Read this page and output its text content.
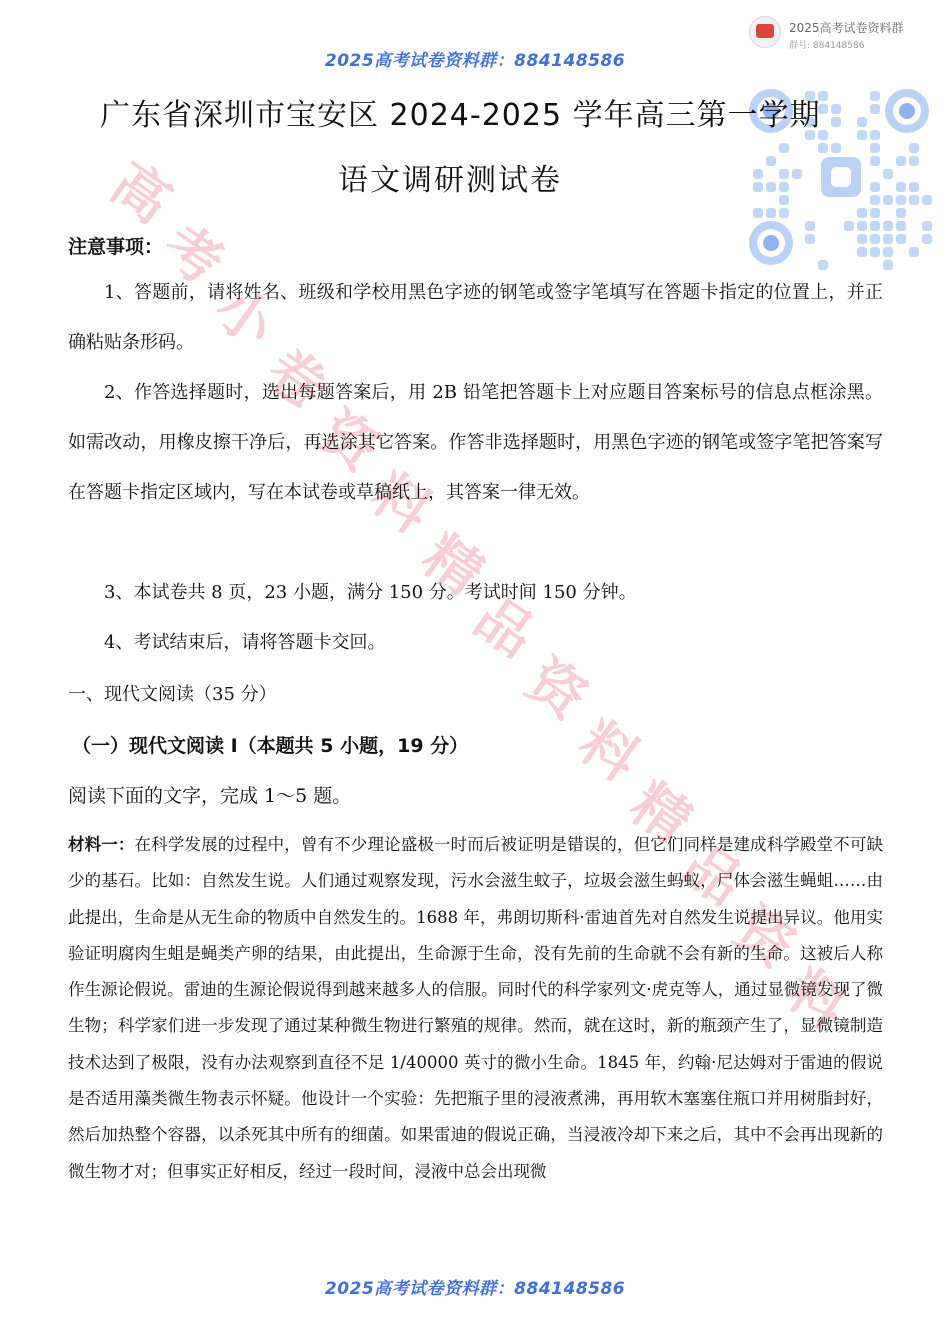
2025高考试卷资料群：884148586
2025高考试卷资料群
群号: 884148586
高
考
小
卷
资
料
精
品
资
料
精
品
资
料
广东省深圳市宝安区 2024-2025 学年高三第一学期
语文调研测试卷
注意事项：
1、答题前，请将姓名、班级和学校用黑色字迹的钢笔或签字笔填写在答题卡指定的位置上，并正确粘贴条形码。
2、作答选择题时，选出每题答案后，用 2B 铅笔把答题卡上对应题目答案标号的信息点框涂黑。如需改动，用橡皮擦干净后，再选涂其它答案。作答非选择题时，用黑色字迹的钢笔或签字笔把答案写在答题卡指定区域内，写在本试卷或草稿纸上，其答案一律无效。
3、本试卷共 8 页，23 小题，满分 150 分。考试时间 150 分钟。
4、考试结束后，请将答题卡交回。
一、现代文阅读（35 分）
（一）现代文阅读 I（本题共 5 小题，19 分）
阅读下面的文字，完成 1～5 题。
材料一：在科学发展的过程中，曾有不少理论盛极一时而后被证明是错误的，但它们同样是建成科学殿堂不可缺少的基石。比如：自然发生说。人们通过观察发现，污水会滋生蚊子，垃圾会滋生蚂蚁，尸体会滋生蝇蛆……由此提出，生命是从无生命的物质中自然发生的。1688 年，弗朗切斯科·雷迪首先对自然发生说提出异议。他用实验证明腐肉生蛆是蝇类产卵的结果，由此提出，生命源于生命，没有先前的生命就不会有新的生命。这被后人称作生源论假说。雷迪的生源论假说得到越来越多人的信服。同时代的科学家列文·虎克等人，通过显微镜发现了微生物；科学家们进一步发现了通过某种微生物进行繁殖的规律。然而，就在这时，新的瓶颈产生了，显微镜制造技术达到了极限，没有办法观察到直径不足 1/40000 英寸的微小生命。1845 年，约翰·尼达姆对于雷迪的假说是否适用藻类微生物表示怀疑。他设计一个实验：先把瓶子里的浸液煮沸，再用软木塞塞住瓶口并用树脂封好，然后加热整个容器，以杀死其中所有的细菌。如果雷迪的假说正确，当浸液冷却下来之后，其中不会再出现新的微生物才对；但事实正好相反，经过一段时间，浸液中总会出现微
2025高考试卷资料群：884148586
